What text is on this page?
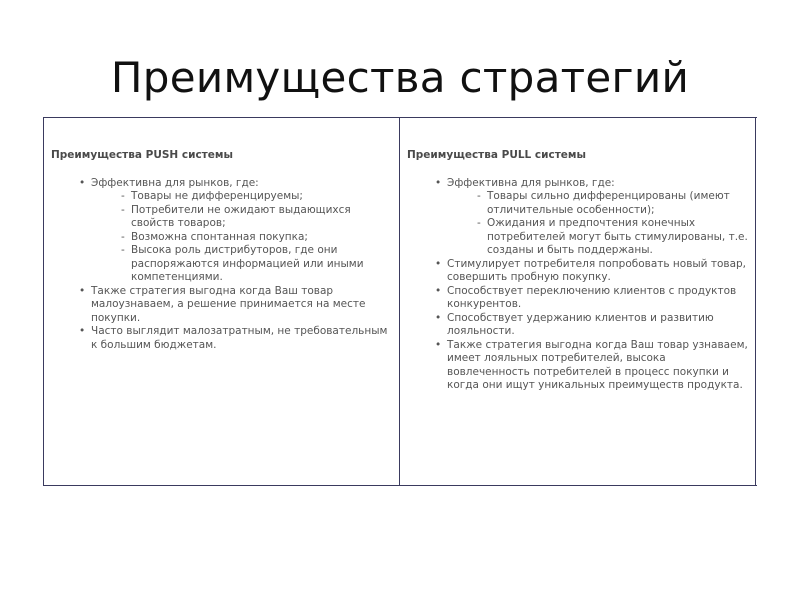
Преимущества стратегий
Преимущества PUSH системы
• Эффективна для рынков, где:
- Товары не дифференцируемы;
- Потребители не ожидают выдающихся свойств товаров;
- Возможна спонтанная покупка;
- Высока роль дистрибуторов, где они распоряжаются информацией или иными компетенциями.
• Также стратегия выгодна когда Ваш товар малоузнаваем, а решение принимается на месте покупки.
• Часто выглядит малозатратным, не требовательным к большим бюджетам.
Преимущества PULL системы
• Эффективна для рынков, где:
- Товары сильно дифференцированы (имеют отличительные особенности);
- Ожидания и предпочтения конечных потребителей могут быть стимулированы, т.е. созданы и быть поддержаны.
• Стимулирует потребителя попробовать новый товар, совершить пробную покупку.
• Способствует переключению клиентов с продуктов конкурентов.
• Способствует удержанию клиентов и развитию лояльности.
• Также стратегия выгодна когда Ваш товар узнаваем, имеет лояльных потребителей, высока вовлеченность потребителей в процесс покупки и когда они ищут уникальных преимуществ продукта.
